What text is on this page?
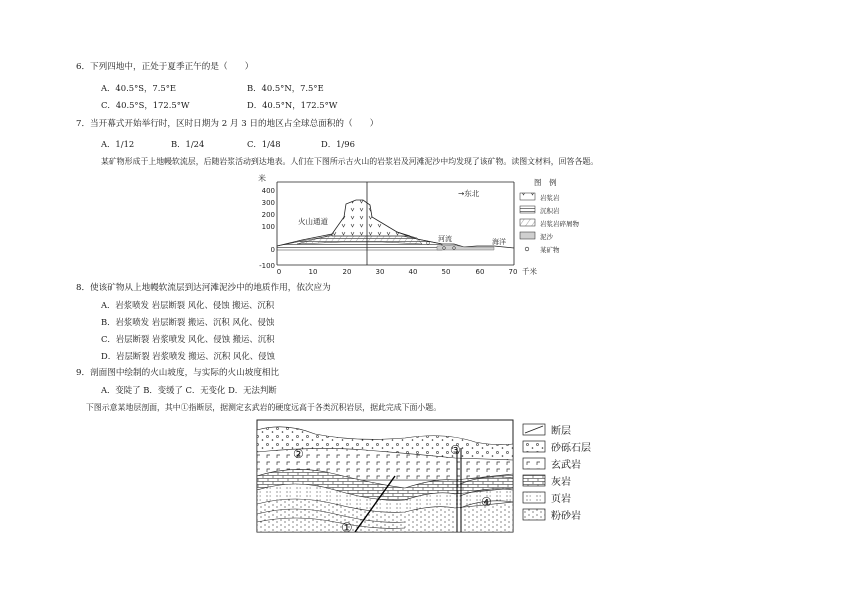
6．下列四地中，正处于夏季正午的是（　　）
A．40.5°S，7.5°E	B．40.5°N，7.5°E
C．40.5°S，172.5°W	D．40.5°N，172.5°W
7．当开幕式开始举行时，区时日期为 2 月 3 日的地区占全球总面积的（　　）
A．1/12	B．1/24	C．1/48	D．1/96
某矿物形成于上地幔软流层，后随岩浆活动到达地表。人们在下图所示古火山的岩浆岩及河滩泥沙中均发现了该矿物。读图文材料，回答各题。
米
400
300
200
100
0
-100
0	10	20	30	40	50	60	70 千米
→东北
火山通道
河流	海洋
图　例
岩浆岩
沉积岩
岩浆岩碎屑物
泥沙
某矿物
8．使该矿物从上地幔软流层到达河滩泥沙中的地质作用，依次应为
A．岩浆喷发 岩层断裂 风化、侵蚀 搬运、沉积
B．岩浆喷发 岩层断裂 搬运、沉积 风化、侵蚀
C．岩层断裂 岩浆喷发 风化、侵蚀 搬运、沉积
D．岩层断裂 岩浆喷发 搬运、沉积 风化、侵蚀
9．剖面图中绘制的火山坡度，与实际的火山坡度相比
A．变陡了 B．变缓了 C．无变化 D．无法判断
下图示意某地层剖面，其中①指断层，据测定玄武岩的硬度远高于各类沉积岩层，据此完成下面小题。
②	③
④
①
断层
砂砾石层
玄武岩
灰岩
页岩
粉砂岩
